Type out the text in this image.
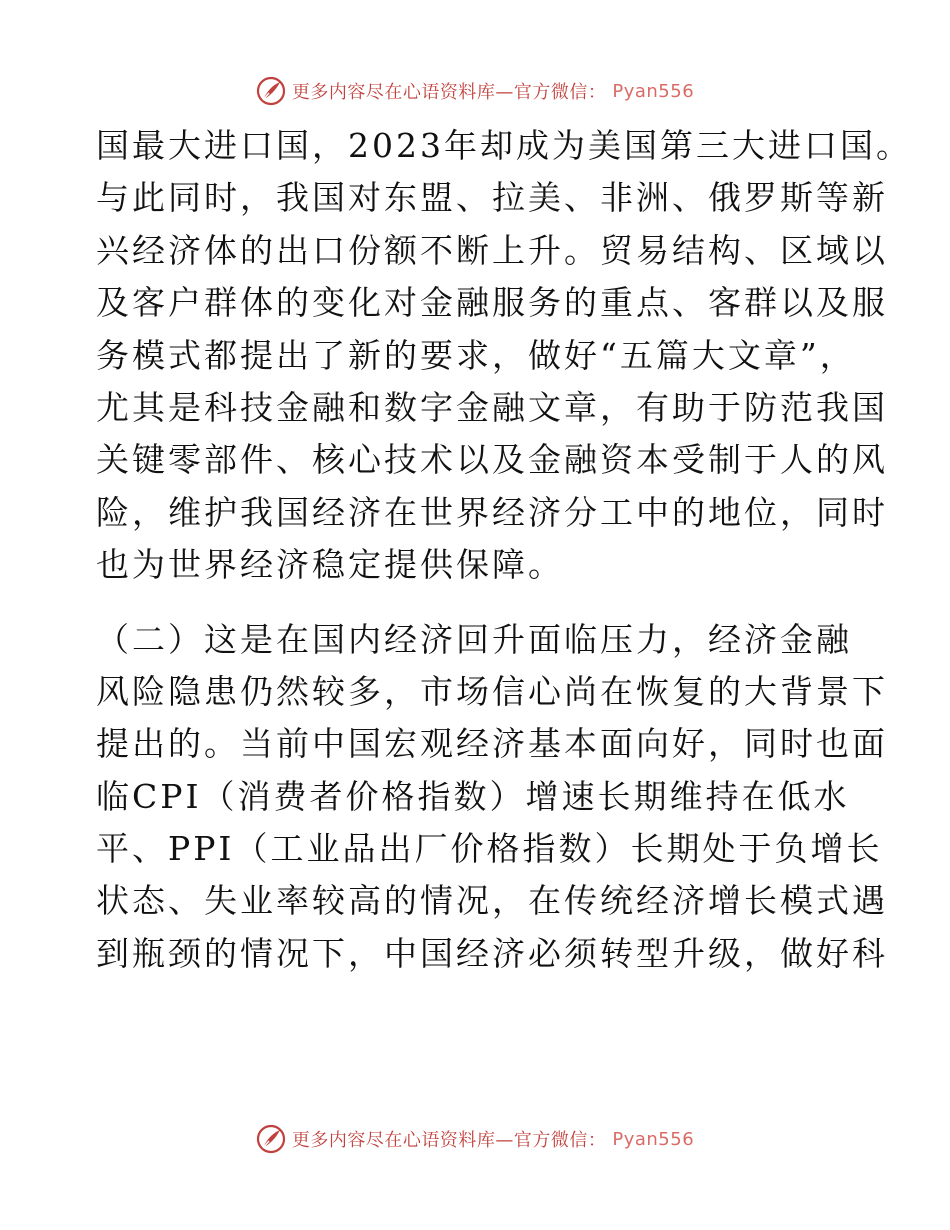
更多内容尽在心语资料库—官方微信： Pyan556
国最大进口国，2023年却成为美国第三大进口国。
与此同时，我国对东盟、拉美、非洲、俄罗斯等新
兴经济体的出口份额不断上升。贸易结构、区域以
及客户群体的变化对金融服务的重点、客群以及服
务模式都提出了新的要求，做好“五篇大文章”，
尤其是科技金融和数字金融文章，有助于防范我国
关键零部件、核心技术以及金融资本受制于人的风
险，维护我国经济在世界经济分工中的地位，同时
也为世界经济稳定提供保障。
（二）这是在国内经济回升面临压力，经济金融
风险隐患仍然较多，市场信心尚在恢复的大背景下
提出的。当前中国宏观经济基本面向好，同时也面
临CPI（消费者价格指数）增速长期维持在低水
平、PPI（工业品出厂价格指数）长期处于负增长
状态、失业率较高的情况，在传统经济增长模式遇
到瓶颈的情况下，中国经济必须转型升级，做好科
更多内容尽在心语资料库—官方微信： Pyan556
